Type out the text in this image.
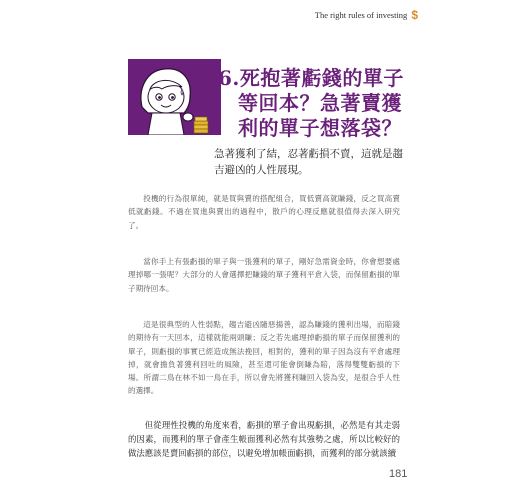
The right rules of investing $
6.死抱著虧錢的單子
等回本？急著賣獲
利的單子想落袋？
急著獲利了結，忍著虧損不賣，這就是趨吉避凶的人性展現。

投機的行為很單純，就是買與賣的搭配組合，買低賣高就賺錢，反之買高賣低就虧錢。不過在買進與賣出的過程中，散戶的心理反應就很值得去深入研究了。

當你手上有張虧損的單子與一張獲利的單子，剛好急需資金時，你會想要處理掉哪一張呢？大部分的人會選擇把賺錢的單子獲利平倉入袋，而保留虧損的單子期待回本。

這是很典型的人性弱點，趨吉避凶隨惡揚善，認為賺錢的獲利出場，而賠錢的期待有一天回本，這樣就能兩頭賺；反之若先處理掉虧損的單子而保留獲利的單子，則虧損的事實已經造成無法挽回，相對的，獲利的單子因為沒有平倉處理掉，就會擔負著獲利回吐的風險，甚至還可能會倒賺為賠，落得雙雙虧損的下場。所謂二鳥在林不如一鳥在手，所以會先將獲利賺回入袋為安，是很合乎人性的選擇。

但從理性投機的角度來看，虧損的單子會出現虧損，必然是有其走弱的因素，而獲利的單子會產生帳面獲利必然有其強勢之處，所以比較好的做法應該是賣回虧損的部位，以避免增加帳面虧損，而獲利的部分就該續

181
